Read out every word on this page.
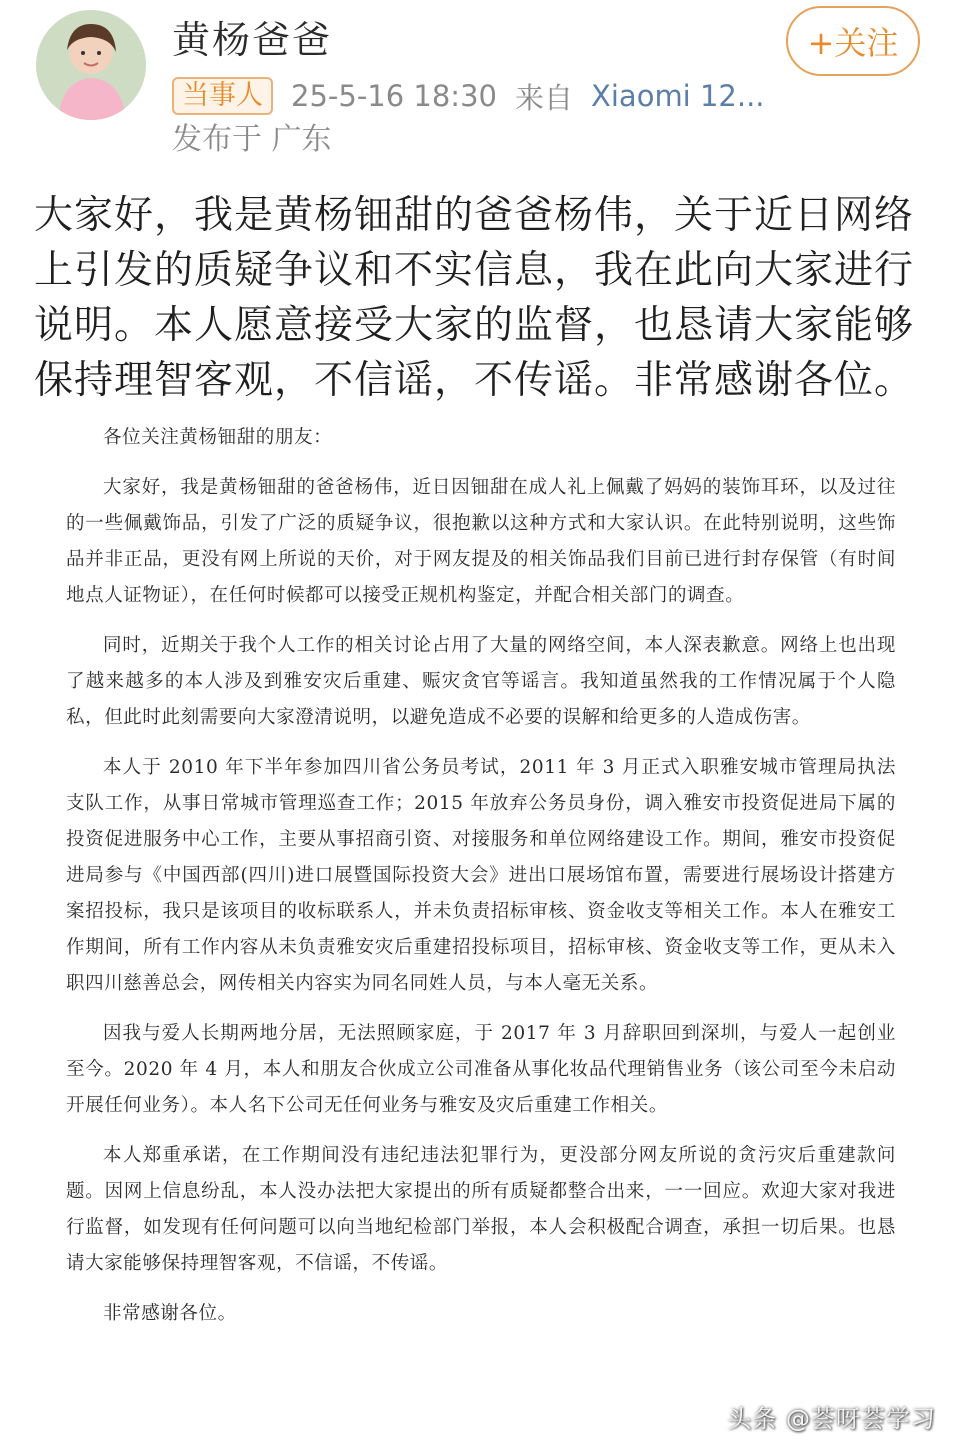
黄杨爸爸	+关注
当事人 25-5-16 18:30 来自 Xiaomi 12...
发布于 广东
大家好，我是黄杨钿甜的爸爸杨伟，关于近日网络上引发的质疑争议和不实信息，我在此向大家进行说明。本人愿意接受大家的监督，也恳请大家能够保持理智客观，不信谣，不传谣。非常感谢各位。

各位关注黄杨钿甜的朋友：

大家好，我是黄杨钿甜的爸爸杨伟，近日因钿甜在成人礼上佩戴了妈妈的装饰耳环，以及过往的一些佩戴饰品，引发了广泛的质疑争议，很抱歉以这种方式和大家认识。在此特别说明，这些饰品并非正品，更没有网上所说的天价，对于网友提及的相关饰品我们目前已进行封存保管（有时间地点人证物证），在任何时候都可以接受正规机构鉴定，并配合相关部门的调查。

同时，近期关于我个人工作的相关讨论占用了大量的网络空间，本人深表歉意。网络上也出现了越来越多的本人涉及到雅安灾后重建、赈灾贪官等谣言。我知道虽然我的工作情况属于个人隐私，但此时此刻需要向大家澄清说明，以避免造成不必要的误解和给更多的人造成伤害。

本人于 2010 年下半年参加四川省公务员考试，2011 年 3 月正式入职雅安城市管理局执法支队工作，从事日常城市管理巡查工作；2015 年放弃公务员身份，调入雅安市投资促进局下属的投资促进服务中心工作，主要从事招商引资、对接服务和单位网络建设工作。期间，雅安市投资促进局参与《中国西部(四川)进口展暨国际投资大会》进出口展场馆布置，需要进行展场设计搭建方案招投标，我只是该项目的收标联系人，并未负责招标审核、资金收支等相关工作。本人在雅安工作期间，所有工作内容从未负责雅安灾后重建招投标项目，招标审核、资金收支等工作，更从未入职四川慈善总会，网传相关内容实为同名同姓人员，与本人毫无关系。

因我与爱人长期两地分居，无法照顾家庭，于 2017 年 3 月辞职回到深圳，与爱人一起创业至今。2020 年 4 月，本人和朋友合伙成立公司准备从事化妆品代理销售业务（该公司至今未启动开展任何业务）。本人名下公司无任何业务与雅安及灾后重建工作相关。

本人郑重承诺，在工作期间没有违纪违法犯罪行为，更没部分网友所说的贪污灾后重建款问题。因网上信息纷乱，本人没办法把大家提出的所有质疑都整合出来，一一回应。欢迎大家对我进行监督，如发现有任何问题可以向当地纪检部门举报，本人会积极配合调查，承担一切后果。也恳请大家能够保持理智客观，不信谣，不传谣。

非常感谢各位。

头条 @荟呀荟学习
